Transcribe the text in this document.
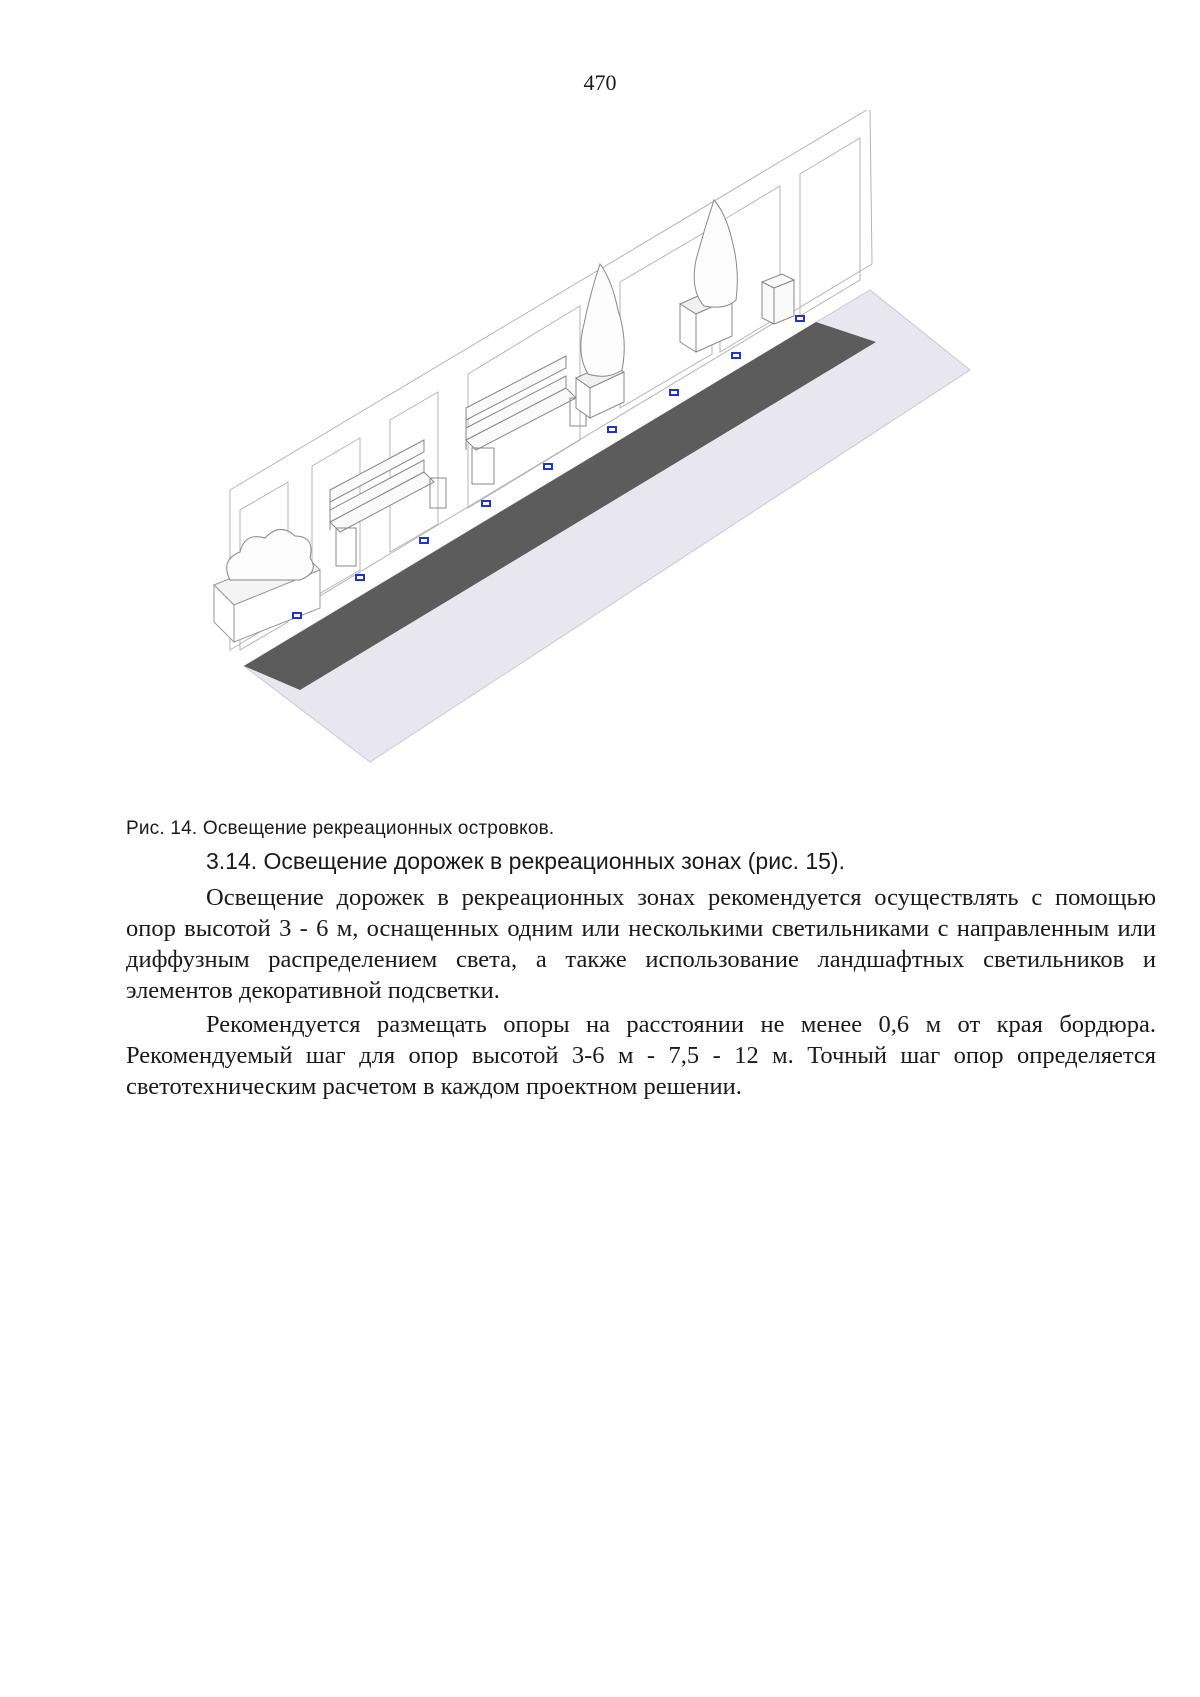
470
Рис. 14. Освещение рекреационных островков.
3.14. Освещение дорожек в рекреационных зонах (рис. 15).

Освещение дорожек в рекреационных зонах рекомендуется осуществлять с помощью опор высотой 3 - 6 м, оснащенных одним или несколькими светильниками с направленным или диффузным распределением света, а также использование ландшафтных светильников и элементов декоративной подсветки.

Рекомендуется размещать опоры на расстоянии не менее 0,6 м от края бордюра. Рекомендуемый шаг для опор высотой 3-6 м - 7,5 - 12 м. Точный шаг опор определяется светотехническим расчетом в каждом проектном решении.
